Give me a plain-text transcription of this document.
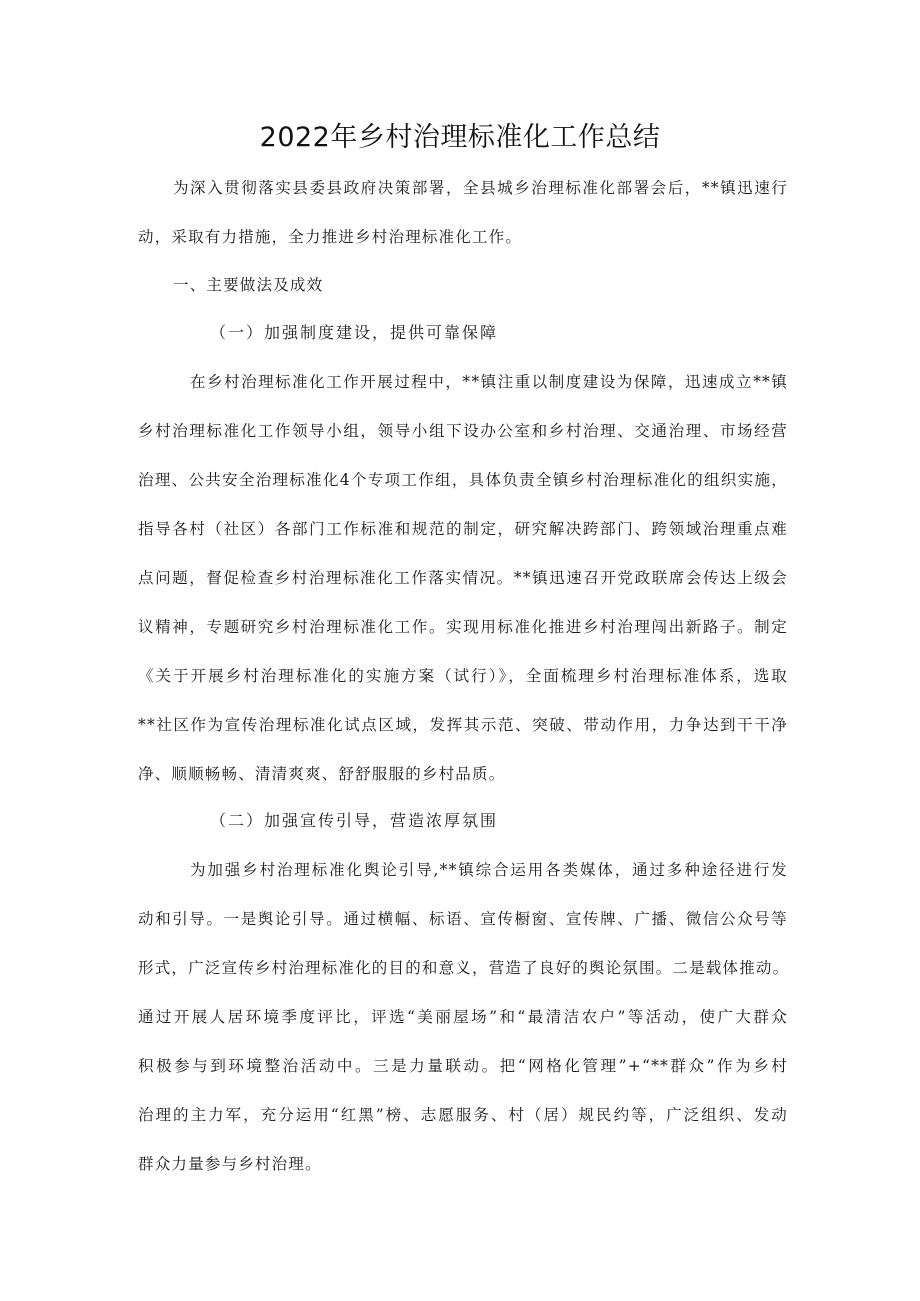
2022年乡村治理标准化工作总结
为深入贯彻落实县委县政府决策部署，全县城乡治理标准化部署会后，**镇迅速行
动，采取有力措施，全力推进乡村治理标准化工作。
一、主要做法及成效
（一）加强制度建设，提供可靠保障
在乡村治理标准化工作开展过程中，**镇注重以制度建设为保障，迅速成立**镇
乡村治理标准化工作领导小组，领导小组下设办公室和乡村治理、交通治理、市场经营
治理、公共安全治理标准化4个专项工作组，具体负责全镇乡村治理标准化的组织实施，
指导各村（社区）各部门工作标准和规范的制定，研究解决跨部门、跨领域治理重点难
点问题，督促检查乡村治理标准化工作落实情况。**镇迅速召开党政联席会传达上级会
议精神，专题研究乡村治理标准化工作。实现用标准化推进乡村治理闯出新路子。制定
《关于开展乡村治理标准化的实施方案（试行）》，全面梳理乡村治理标准体系，选取
**社区作为宣传治理标准化试点区域，发挥其示范、突破、带动作用，力争达到干干净
净、顺顺畅畅、清清爽爽、舒舒服服的乡村品质。
（二）加强宣传引导，营造浓厚氛围
为加强乡村治理标准化舆论引导,**镇综合运用各类媒体，通过多种途径进行发
动和引导。一是舆论引导。通过横幅、标语、宣传橱窗、宣传牌、广播、微信公众号等
形式，广泛宣传乡村治理标准化的目的和意义，营造了良好的舆论氛围。二是载体推动。
通过开展人居环境季度评比，评选“美丽屋场”和“最清洁农户”等活动，使广大群众
积极参与到环境整治活动中。三是力量联动。把“网格化管理”+“**群众”作为乡村
治理的主力军，充分运用“红黑”榜、志愿服务、村（居）规民约等，广泛组织、发动
群众力量参与乡村治理。
